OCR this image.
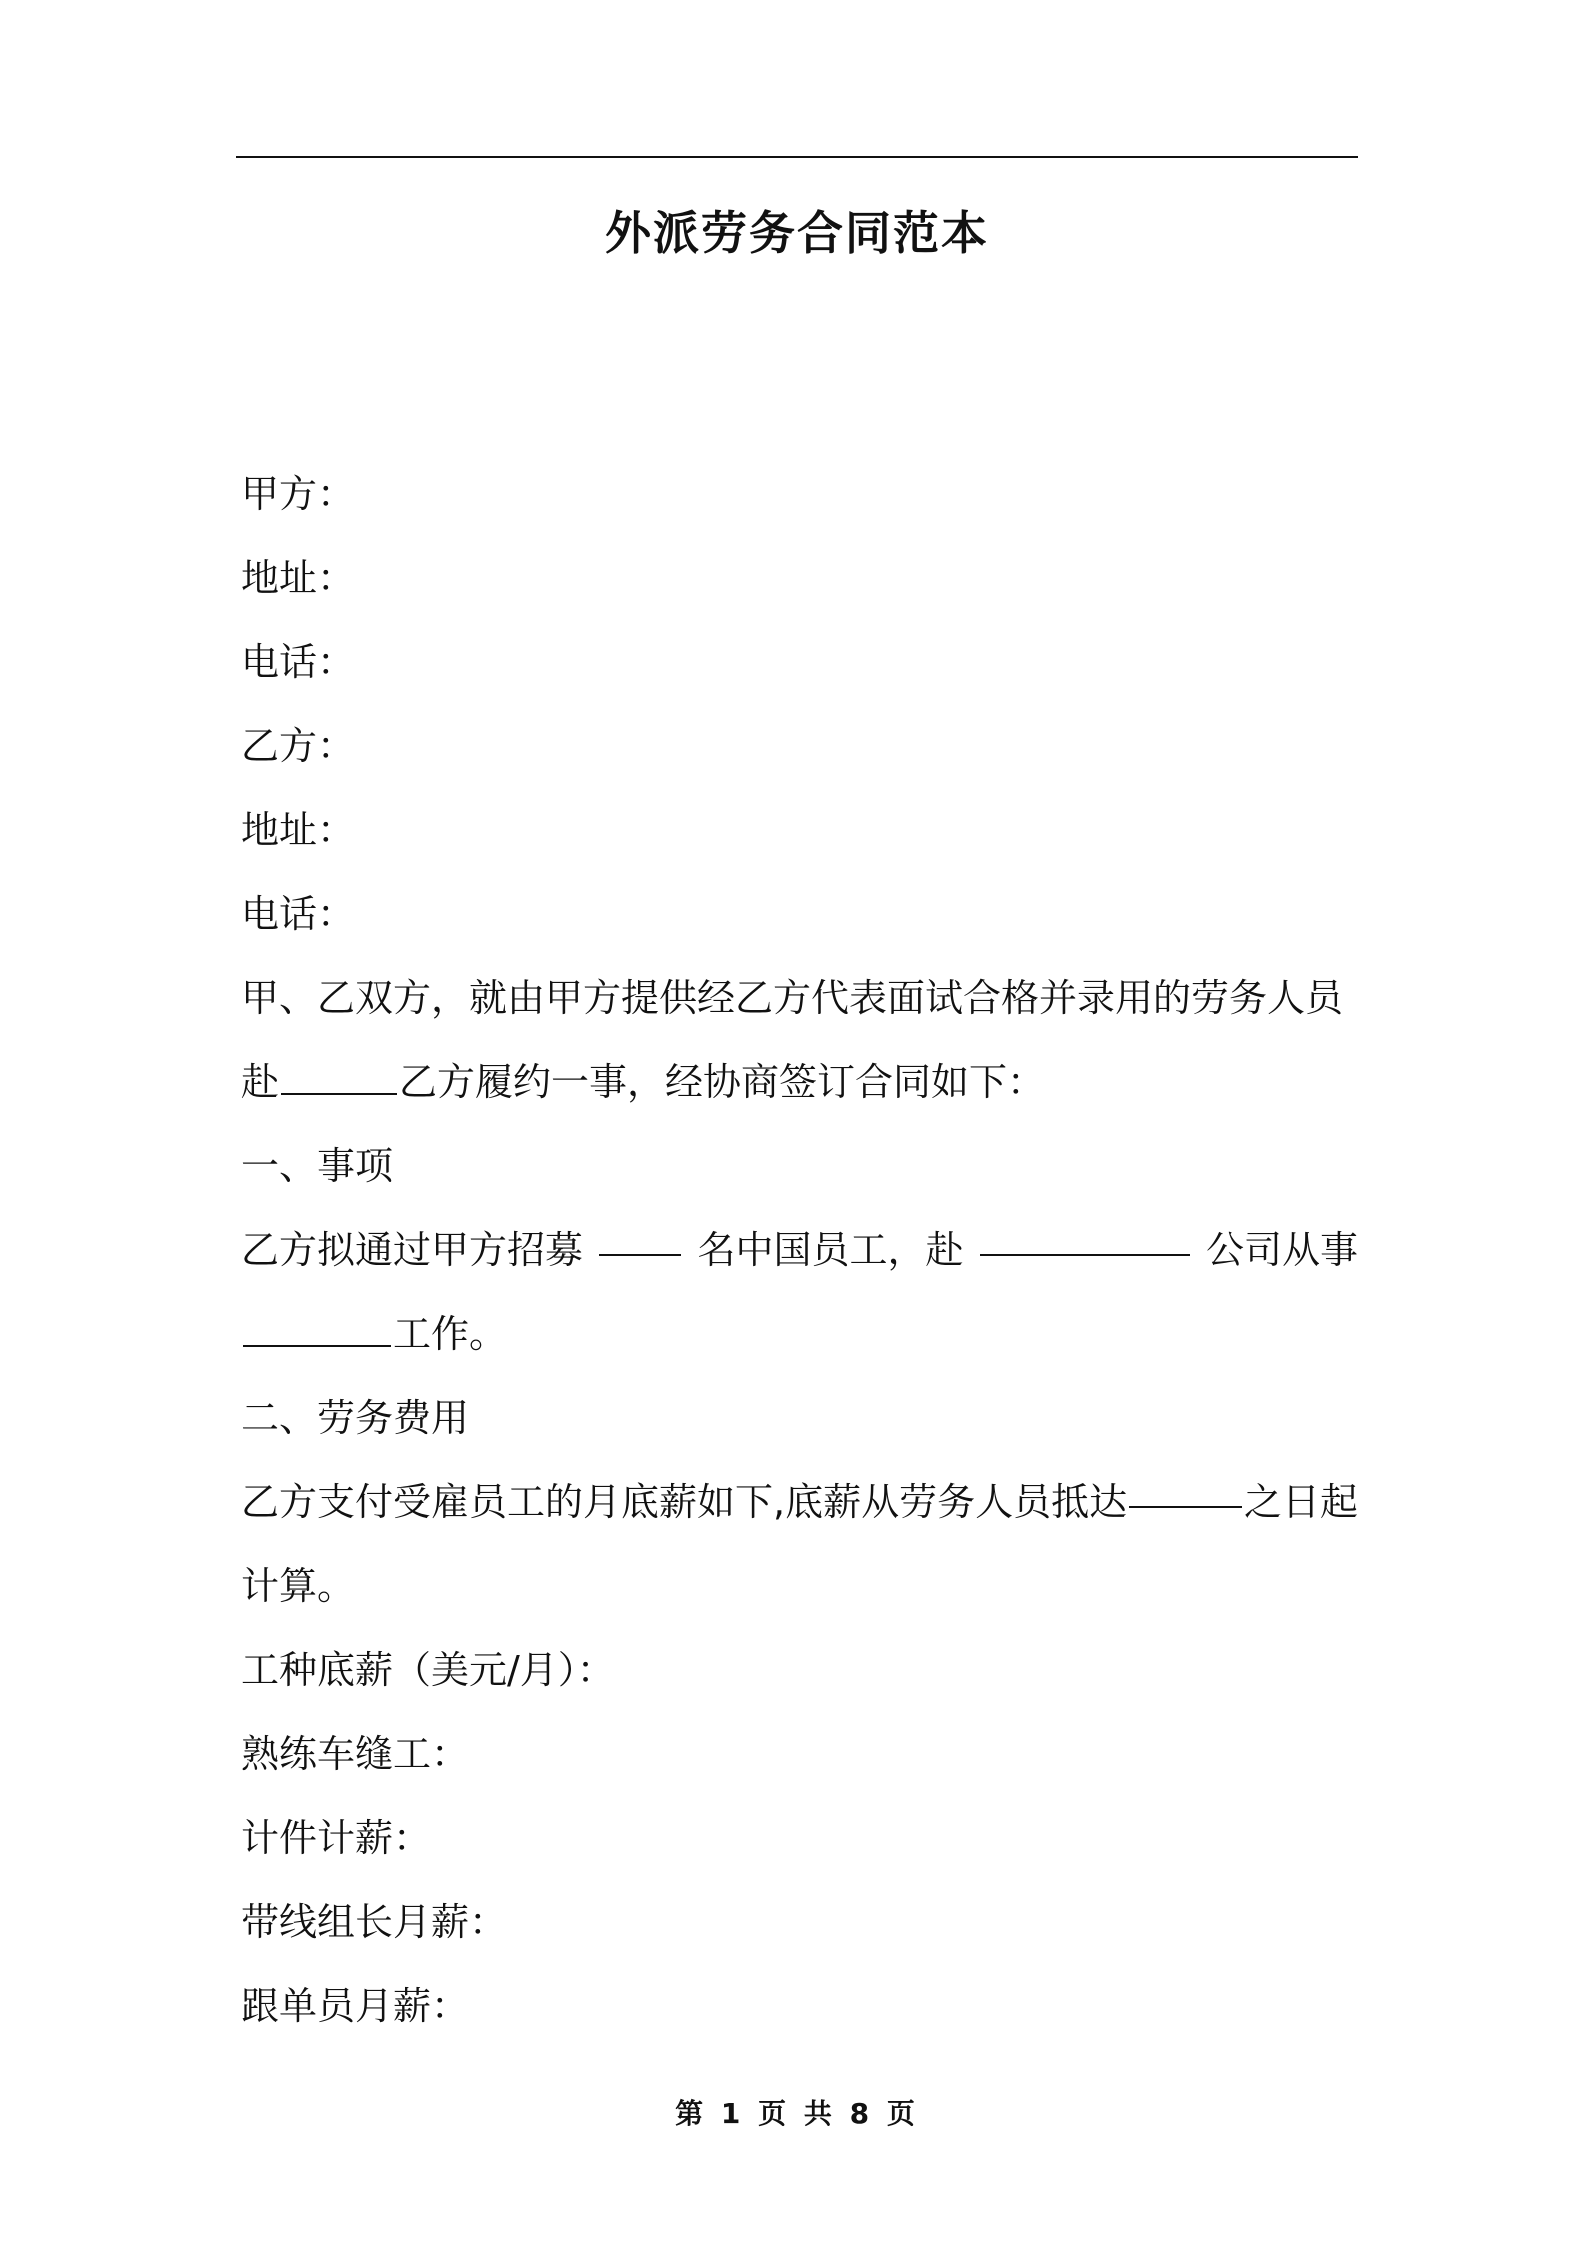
外派劳务合同范本
甲方：
地址：
电话：
乙方：
地址：
电话：
甲、乙双方，就由甲方提供经乙方代表面试合格并录用的劳务人员
赴	乙方履约一事，经协商签订合同如下：
一、事项
乙方拟通过甲方招募	名中国员工，赴	公司从事
工作。
二、劳务费用
乙方支付受雇员工的月底薪如下,底薪从劳务人员抵达	之日起
计算。
工种底薪（美元/月）：
熟练车缝工：
计件计薪：
带线组长月薪：
跟单员月薪：
第 1 页 共 8 页
